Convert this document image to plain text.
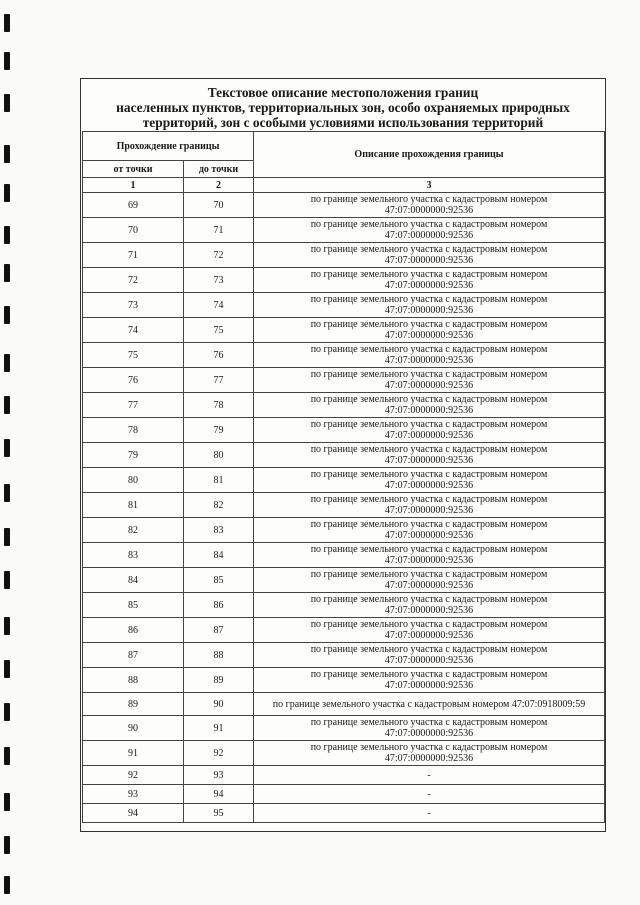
Текстовое описание местоположения границ
населенных пунктов, территориальных зон, особо охраняемых природных
территорий, зон с особыми условиями использования территорий
Прохождение границы		Описание прохождения границы
от точки	до точки	
1	2	3
69	70	по границе земельного участка с кадастровым номером
47:07:0000000:92536

70	71	по границе земельного участка с кадастровым номером
47:07:0000000:92536

71	72	по границе земельного участка с кадастровым номером
47:07:0000000:92536

72	73	по границе земельного участка с кадастровым номером
47:07:0000000:92536

73	74	по границе земельного участка с кадастровым номером
47:07:0000000:92536

74	75	по границе земельного участка с кадастровым номером
47:07:0000000:92536

75	76	по границе земельного участка с кадастровым номером
47:07:0000000:92536

76	77	по границе земельного участка с кадастровым номером
47:07:0000000:92536

77	78	по границе земельного участка с кадастровым номером
47:07:0000000:92536

78	79	по границе земельного участка с кадастровым номером
47:07:0000000:92536

79	80	по границе земельного участка с кадастровым номером
47:07:0000000:92536

80	81	по границе земельного участка с кадастровым номером
47:07:0000000:92536

81	82	по границе земельного участка с кадастровым номером
47:07:0000000:92536

82	83	по границе земельного участка с кадастровым номером
47:07:0000000:92536

83	84	по границе земельного участка с кадастровым номером
47:07:0000000:92536

84	85	по границе земельного участка с кадастровым номером
47:07:0000000:92536

85	86	по границе земельного участка с кадастровым номером
47:07:0000000:92536

86	87	по границе земельного участка с кадастровым номером
47:07:0000000:92536

87	88	по границе земельного участка с кадастровым номером
47:07:0000000:92536

88	89	по границе земельного участка с кадастровым номером
47:07:0000000:92536

89	90	по границе земельного участка с кадастровым номером 47:07:0918009:59

90	91	по границе земельного участка с кадастровым номером
47:07:0000000:92536

91	92	по границе земельного участка с кадастровым номером
47:07:0000000:92536

92	93	-

93	94	-

94	95	-
